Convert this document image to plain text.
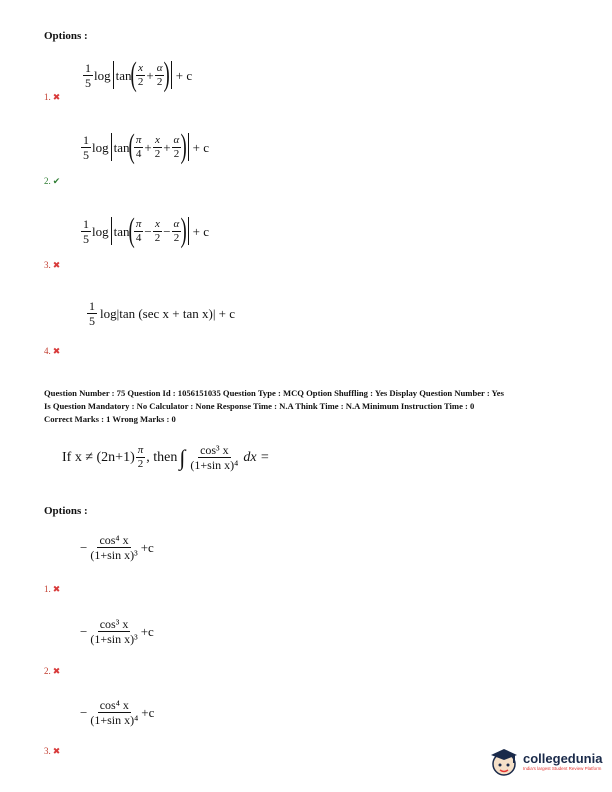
Options :
$\frac{1}{5}$ log tan
( $\frac{x}{2} + \frac{\alpha}{2}$ ) + c
1. ✖
$\frac{1}{5}$ log tan
( $\frac{\pi}{4} + \frac{x}{2} + \frac{\alpha}{2}$ ) + c
2. ✔
$\frac{1}{5}$ log tan
( $\frac{\pi}{4} - \frac{x}{2} - \frac{\alpha}{2}$ ) + c
3. ✖
$\frac{1}{5} \log|\tan$ (sec x + tan x)| + c
4. ✖
Question Number : 75 Question Id : 1056151035 Question Type : MCQ Option Shuffling : Yes Display Question Number : Yes
Is Question Mandatory : No Calculator : None Response Time : N.A Think Time : N.A Minimum Instruction Time : 0
Correct Marks : 1 Wrong Marks : 0
If $x \ne (2n+1) \frac{\pi}{2}$ , then ∫ $\frac{\text{cos³ x}}{\text{(1+sin x)⁴}}$ dx =
Options :
− $\frac{\text{cos⁴ x}}{\text{(1+sin x)³}} +c$
1. ✖
− $\frac{\text{cos³ x}}{\text{(1+sin x)³}} +c$
2. ✖
− $\frac{\text{cos⁴ x}}{\text{(1+sin x)⁴}} +c$
3. ✖	collegedunia
India's largest Student Review Platform
